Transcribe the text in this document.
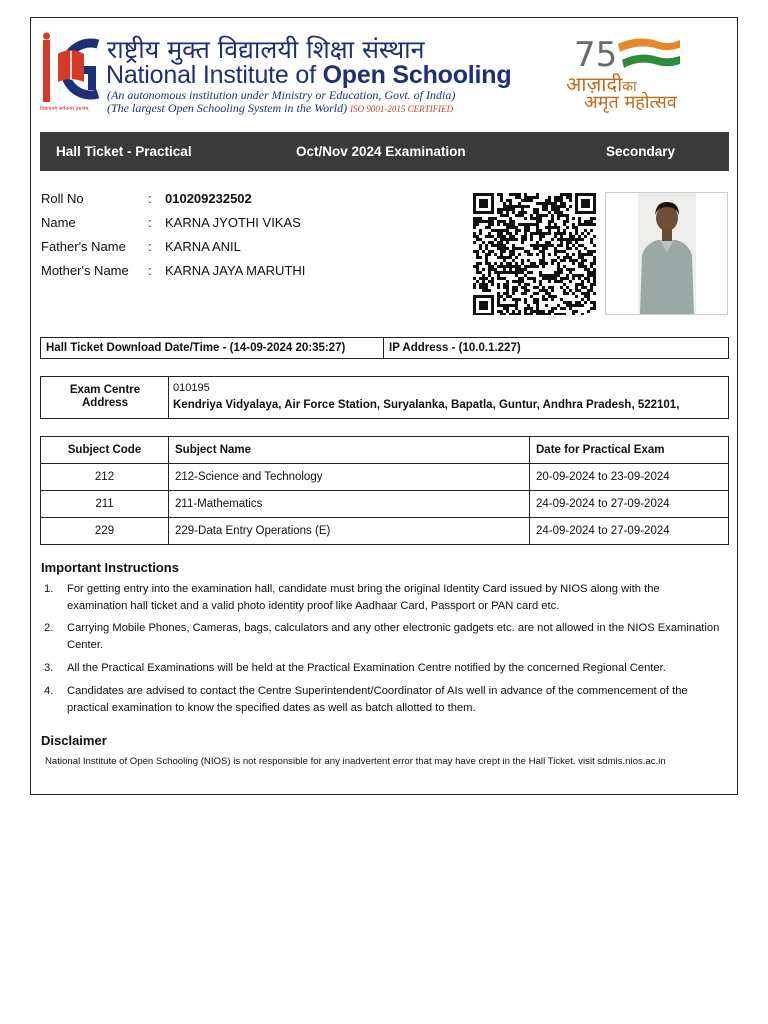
विद्याधनम् सर्वधनम् प्रधानम्
राष्ट्रीय मुक्त विद्यालयी शिक्षा संस्थान
National Institute of Open Schooling
(An autonomous institution under Ministry or Education, Govt. of India)
(The largest Open Schooling System in the World) ISO 9001-2015 CERTIFIED
75
आज़ादीका
अमृत महोत्सव
Hall Ticket - Practical	Oct/Nov 2024 Examination	Secondary
Roll No	: 010209232502
Name	: KARNA JYOTHI VIKAS
Father's Name	: KARNA ANIL
Mother's Name	: KARNA JAYA MARUTHI
Hall Ticket Download Date/Time - (14-09-2024 20:35:27)	IP Address - (10.0.1.227)
Exam Centre
Address
010195
Kendriya Vidyalaya, Air Force Station, Suryalanka, Bapatla, Guntur, Andhra Pradesh, 522101,
Subject Code	Subject Name	Date for Practical Exam
212	212-Science and Technology	20-09-2024 to 23-09-2024
211	211-Mathematics	24-09-2024 to 27-09-2024
229	229-Data Entry Operations (E)	24-09-2024 to 27-09-2024
Important Instructions
1. For getting entry into the examination hall, candidate must bring the original Identity Card issued by NIOS along with the examination hall ticket and a valid photo identity proof like Aadhaar Card, Passport or PAN card etc.
2. Carrying Mobile Phones, Cameras, bags, calculators and any other electronic gadgets etc. are not allowed in the NIOS Examination Center.
3. All the Practical Examinations will be held at the Practical Examination Centre notified by the concerned Regional Center.
4. Candidates are advised to contact the Centre Superintendent/Coordinator of AIs well in advance of the commencement of the practical examination to know the specified dates as well as batch allotted to them.
Disclaimer
National Institute of Open Schooling (NIOS) is not responsible for any inadvertent error that may have crept in the Hall Ticket. visit sdmis.nios.ac.in
